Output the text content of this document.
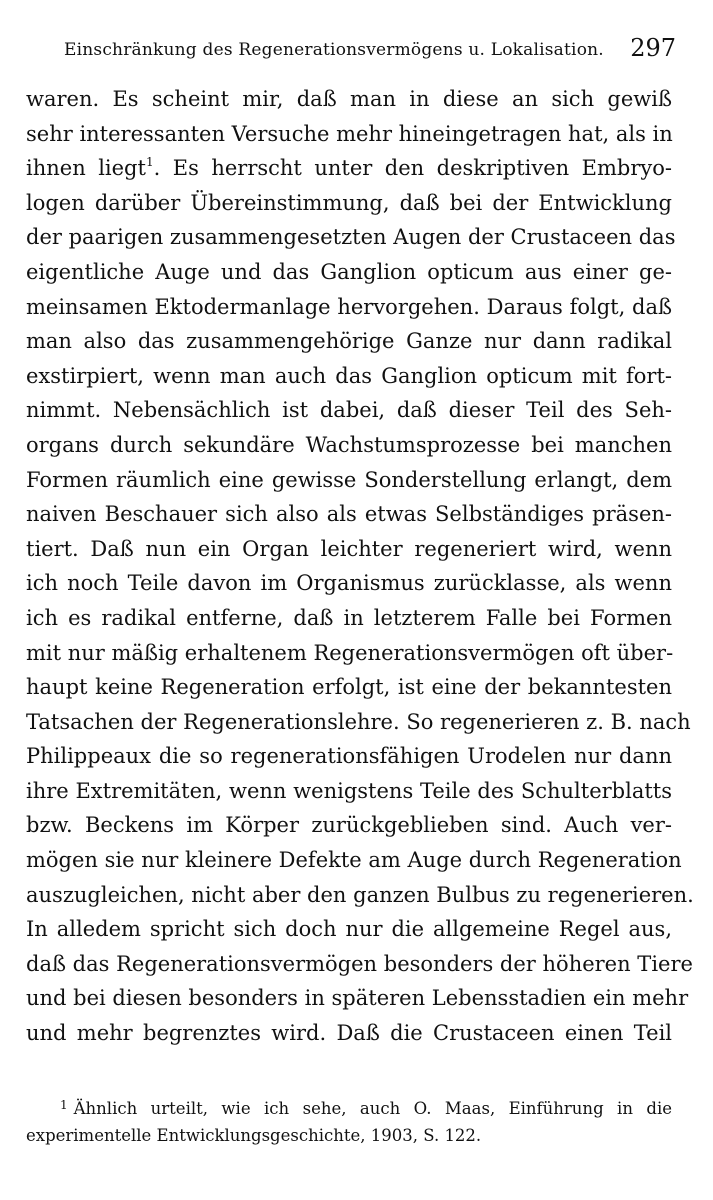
Einschränkung des Regenerationsvermögens u. Lokalisation. 297
waren. Es scheint mir, daß man in diese an sich gewiß
sehr interessanten Versuche mehr hineingetragen hat, als in
ihnen liegt$^1$. Es herrscht unter den deskriptiven Embryo-
logen darüber Übereinstimmung, daß bei der Entwicklung
der paarigen zusammengesetzten Augen der Crustaceen das
eigentliche Auge und das Ganglion opticum aus einer ge-
meinsamen Ektodermanlage hervorgehen. Daraus folgt, daß
man also das zusammengehörige Ganze nur dann radikal
exstirpiert, wenn man auch das Ganglion opticum mit fort-
nimmt. Nebensächlich ist dabei, daß dieser Teil des Seh-
organs durch sekundäre Wachstumsprozesse bei manchen
Formen räumlich eine gewisse Sonderstellung erlangt, dem
naiven Beschauer sich also als etwas Selbständiges präsen-
tiert. Daß nun ein Organ leichter regeneriert wird, wenn
ich noch Teile davon im Organismus zurücklasse, als wenn
ich es radikal entferne, daß in letzterem Falle bei Formen
mit nur mäßig erhaltenem Regenerationsvermögen oft über-
haupt keine Regeneration erfolgt, ist eine der bekanntesten
Tatsachen der Regenerationslehre. So regenerieren z. B. nach
Philippeaux die so regenerationsfähigen Urodelen nur dann
ihre Extremitäten, wenn wenigstens Teile des Schulterblatts
bzw. Beckens im Körper zurückgeblieben sind. Auch ver-
mögen sie nur kleinere Defekte am Auge durch Regeneration
auszugleichen, nicht aber den ganzen Bulbus zu regenerieren.
In alledem spricht sich doch nur die allgemeine Regel aus,
daß das Regenerationsvermögen besonders der höheren Tiere
und bei diesen besonders in späteren Lebensstadien ein mehr
und mehr begrenztes wird. Daß die Crustaceen einen Teil
$^1$ Ähnlich urteilt, wie ich sehe, auch O. Maas, Einführung in die
experimentelle Entwicklungsgeschichte, 1903, S. 122.
